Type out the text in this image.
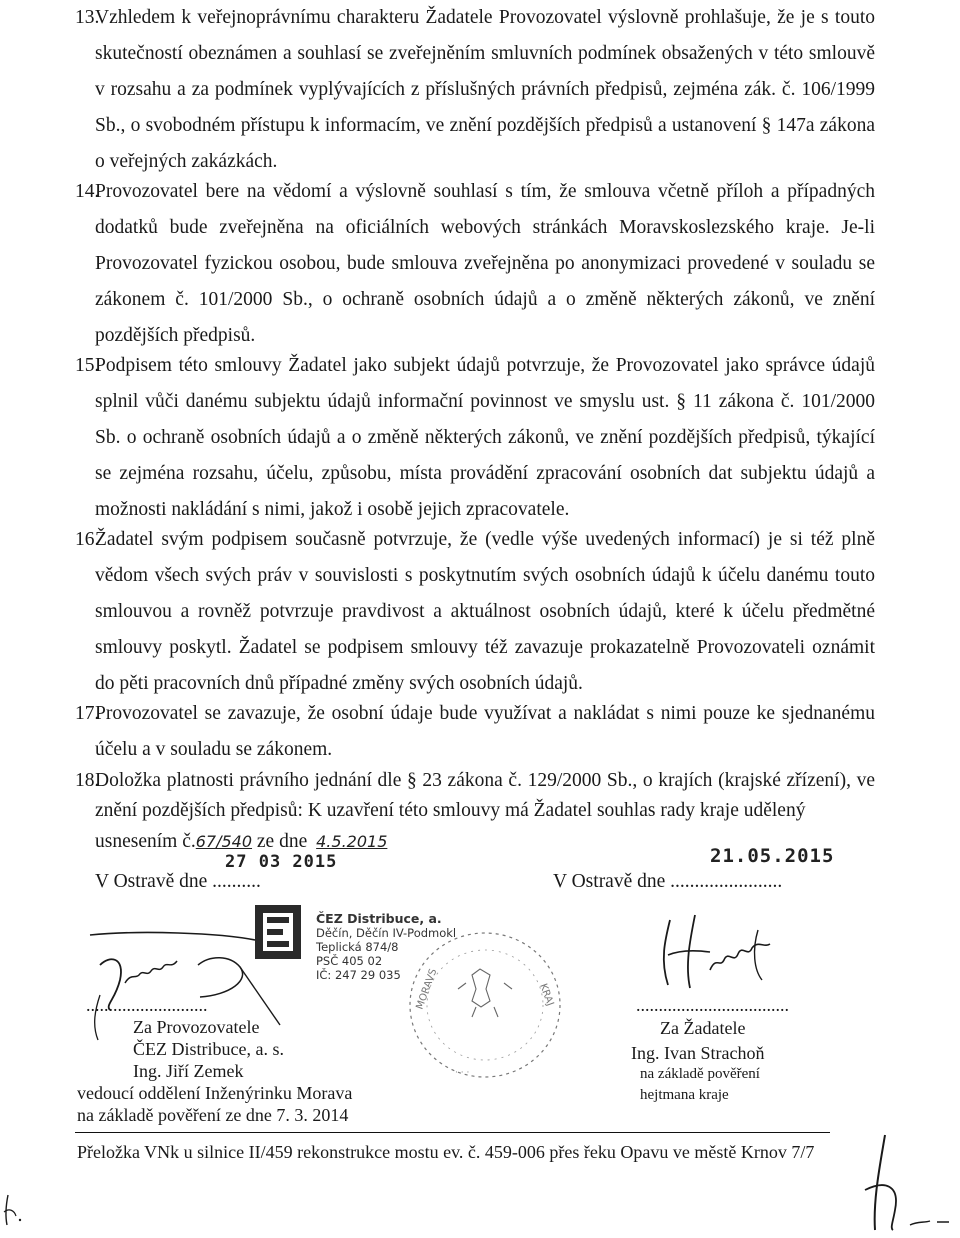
13.
Vzhledem k veřejnoprávnímu charakteru Žadatele Provozovatel výslovně prohlašuje, že je s touto skutečností obeznámen a souhlasí se zveřejněním smluvních podmínek obsažených v této smlouvě v rozsahu a za podmínek vyplývajících z příslušných právních předpisů, zejména zák. č. 106/1999 Sb., o svobodném přístupu k informacím, ve znění pozdějších předpisů a ustanovení § 147a zákona o veřejných zakázkách.
14.
Provozovatel bere na vědomí a výslovně souhlasí s tím, že smlouva včetně příloh a případných dodatků bude zveřejněna na oficiálních webových stránkách Moravskoslezského kraje. Je-li Provozovatel fyzickou osobou, bude smlouva zveřejněna po anonymizaci provedené v souladu se zákonem č. 101/2000 Sb., o ochraně osobních údajů a o změně některých zákonů, ve znění pozdějších předpisů.
15.
Podpisem této smlouvy Žadatel jako subjekt údajů potvrzuje, že Provozovatel jako správce údajů splnil vůči danému subjektu údajů informační povinnost ve smyslu ust. § 11 zákona č. 101/2000 Sb. o ochraně osobních údajů a o změně některých zákonů, ve znění pozdějších předpisů, týkající se zejména rozsahu, účelu, způsobu, místa provádění zpracování osobních dat subjektu údajů a možnosti nakládání s nimi, jakož i osobě jejich zpracovatele.
16.
Žadatel svým podpisem současně potvrzuje, že (vedle výše uvedených informací) je si též plně vědom všech svých práv v souvislosti s poskytnutím svých osobních údajů k účelu danému touto smlouvou a rovněž potvrzuje pravdivost a aktuálnost osobních údajů, které k účelu předmětné smlouvy poskytl. Žadatel se podpisem smlouvy též zavazuje prokazatelně Provozovateli oznámit do pěti pracovních dnů případné změny svých osobních údajů.
17.
Provozovatel se zavazuje, že osobní údaje bude využívat a nakládat s nimi pouze ke sjednanému účelu a v souladu se zákonem.
18.
Doložka platnosti právního jednání dle § 23 zákona č. 129/2000 Sb., o krajích (krajské zřízení), ve znění pozdějších předpisů: K uzavření této smlouvy má Žadatel souhlas rady kraje udělený
usnesením č.67/540 ze dne 4.5.2015
27 03 2015
V Ostravě dne ..........
21.05.2015
V Ostravě dne .......................
ČEZ Distribuce, a.
Děčín, Děčín IV-Podmokl
Teplická 874/8
PSČ 405 02
IČ: 247 29 035	MORAVS	KRAJ
· · ·
...........................
Za Provozovatele
ČEZ Distribuce, a. s.
Ing. Jiří Zemek
vedoucí oddělení Inženýrinku Morava
na základě pověření ze dne 7. 3. 2014
..................................
Za Žadatele
Ing. Ivan Strachoň
na základě pověření
hejtmana kraje
Přeložka VNk u silnice II/459 rekonstrukce mostu ev. č. 459-006 přes řeku Opavu ve městě Krnov 7/7
